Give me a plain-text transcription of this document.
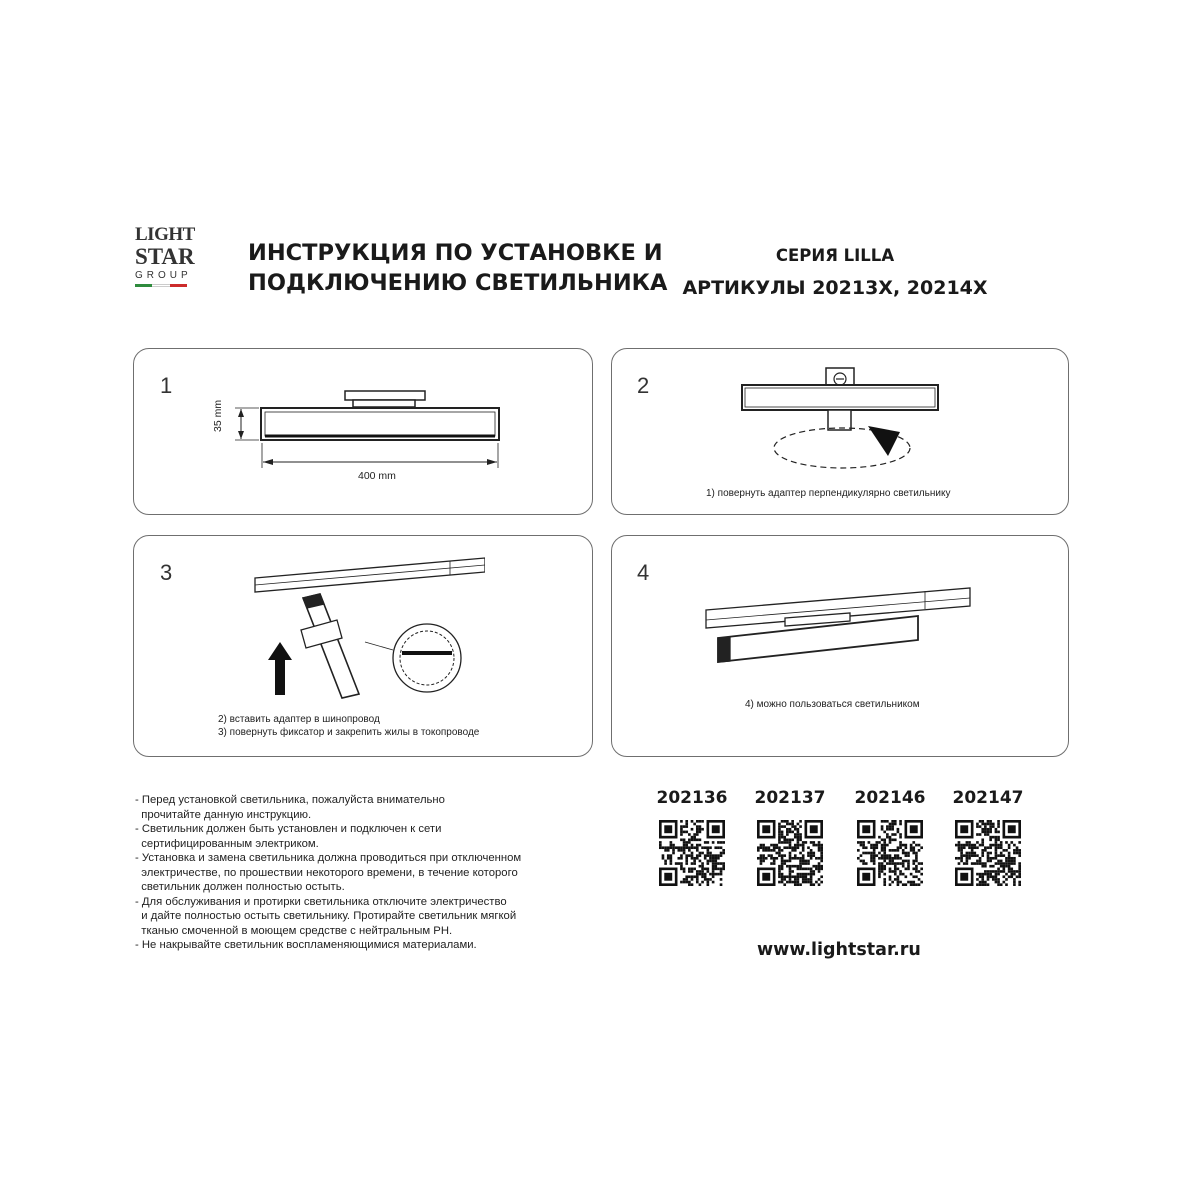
LIGHT
STAR
GROUP
ИНСТРУКЦИЯ ПО УСТАНОВКЕ И
ПОДКЛЮЧЕНИЮ СВЕТИЛЬНИКА
СЕРИЯ LILLA
АРТИКУЛЫ 20213X, 20214X
1
400 mm
35 mm
2
1) повернуть адаптер перпендикулярно светильнику
3
2) вставить адаптер в шинопровод
3) повернуть фиксатор и закрепить жилы в токопроводе
4
4) можно пользоваться светильником
- Перед установкой светильника, пожалуйста внимательно
прочитайте данную инструкцию.
- Светильник должен быть установлен и подключен к сети
сертифицированным электриком.
- Установка и замена светильника должна проводиться при отключенном
электричестве, по прошествии некоторого времени, в течение которого
светильник должен полностью остыть.
- Для обслуживания и протирки светильника отключите электричество
и дайте полностью остыть светильнику. Протирайте светильник мягкой
тканью смоченной в моющем средстве с нейтральным PH.
- Не накрывайте светильник воспламеняющимися материалами.
202136 202137 202146 202147
www.lightstar.ru
